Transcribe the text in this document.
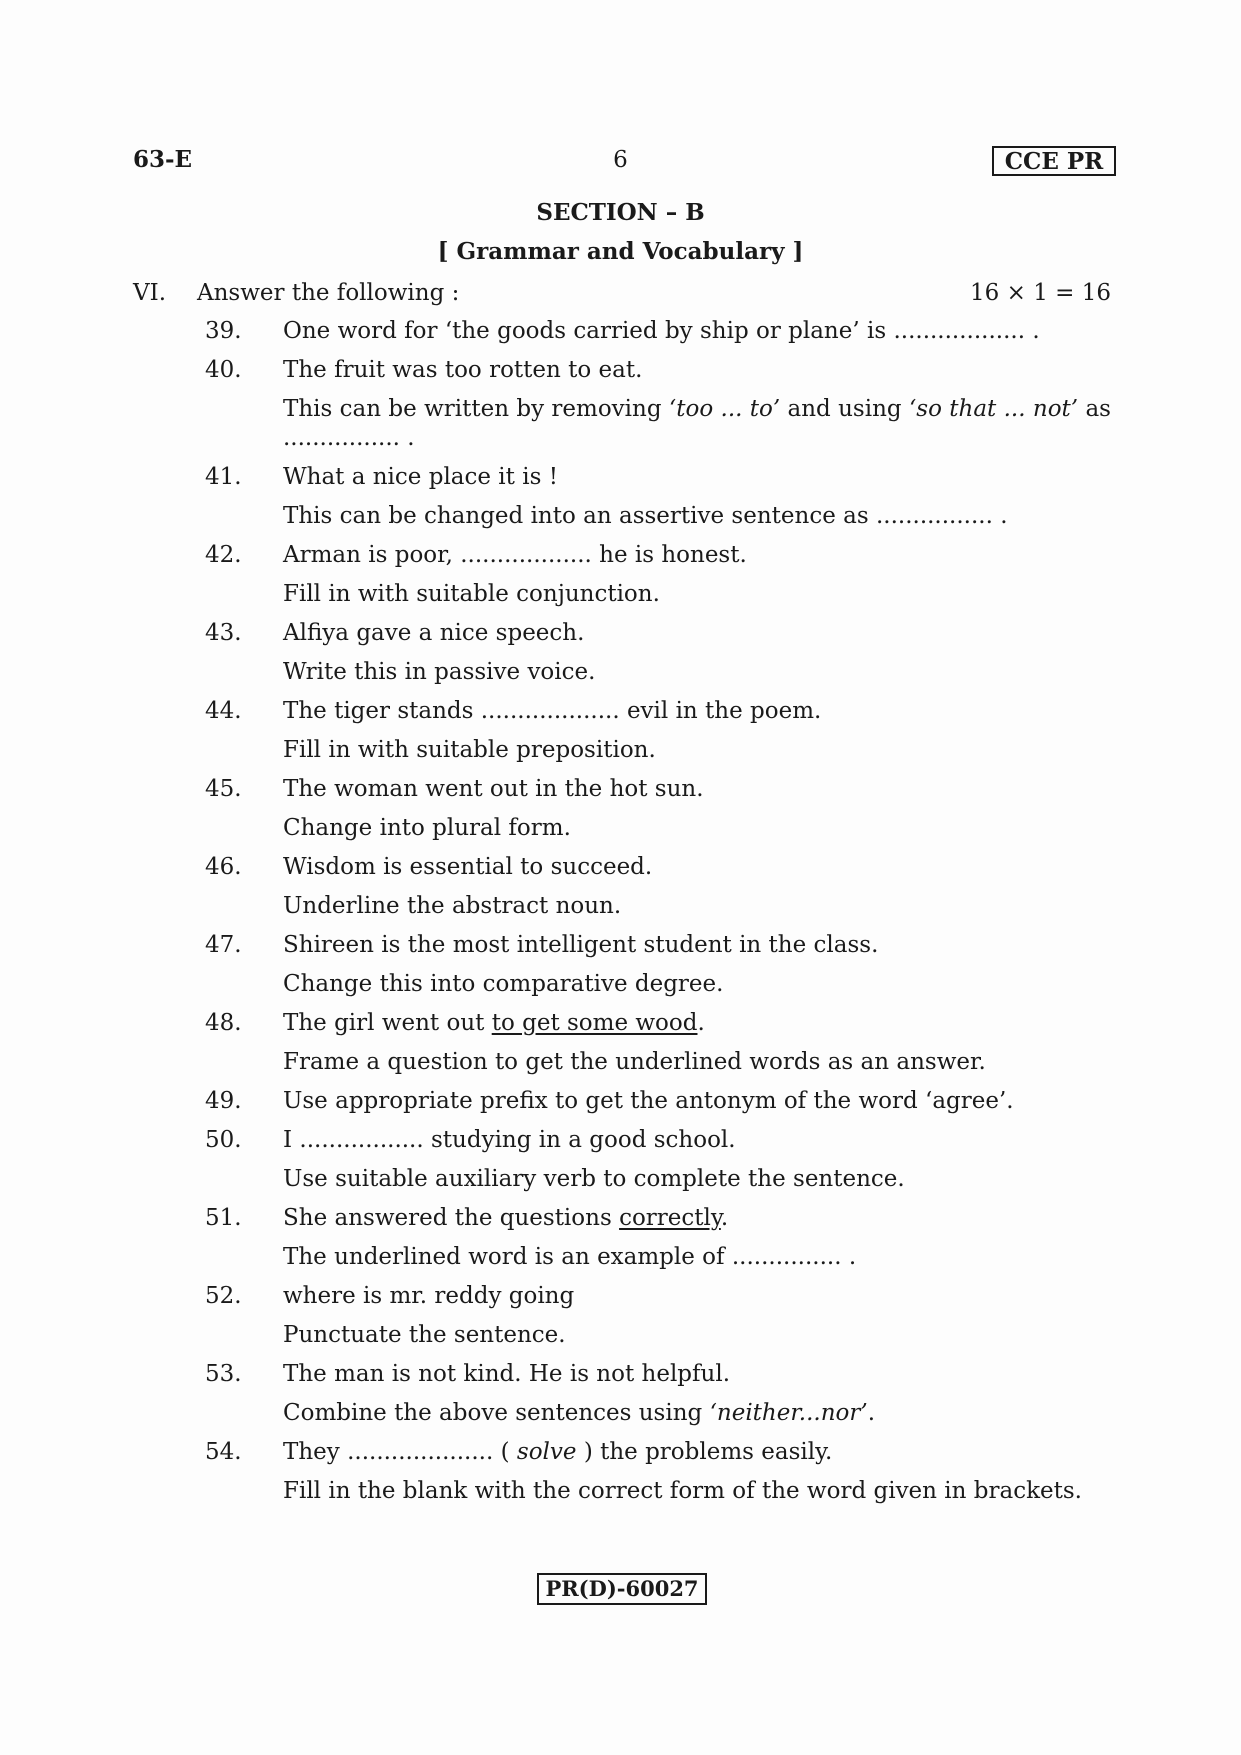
63-E	6	CCE PR
SECTION – B
[ Grammar and Vocabulary ]
VI. Answer the following :	16 × 1 = 16
39. One word for ‘the goods carried by ship or plane’ is .................. .

40. The fruit was too rotten to eat.

This can be written by removing ‘too ... to’ and using ‘so that ... not’ as ................ .

41. What a nice place it is !

This can be changed into an assertive sentence as ................ .

42. Arman is poor, .................. he is honest.

Fill in with suitable conjunction.

43. Alfiya gave a nice speech.

Write this in passive voice.

44. The tiger stands ................... evil in the poem.

Fill in with suitable preposition.

45. The woman went out in the hot sun.

Change into plural form.

46. Wisdom is essential to succeed.

Underline the abstract noun.

47. Shireen is the most intelligent student in the class.

Change this into comparative degree.

48. The girl went out to get some wood.

Frame a question to get the underlined words as an answer.

49. Use appropriate prefix to get the antonym of the word ‘agree’.

50. I ................. studying in a good school.

Use suitable auxiliary verb to complete the sentence.

51. She answered the questions correctly.

The underlined word is an example of ............... .

52. where is mr. reddy going

Punctuate the sentence.

53. The man is not kind. He is not helpful.

Combine the above sentences using ‘neither...nor’.

54. They .................... ( solve ) the problems easily.

Fill in the blank with the correct form of the word given in brackets.

PR(D)-60027
